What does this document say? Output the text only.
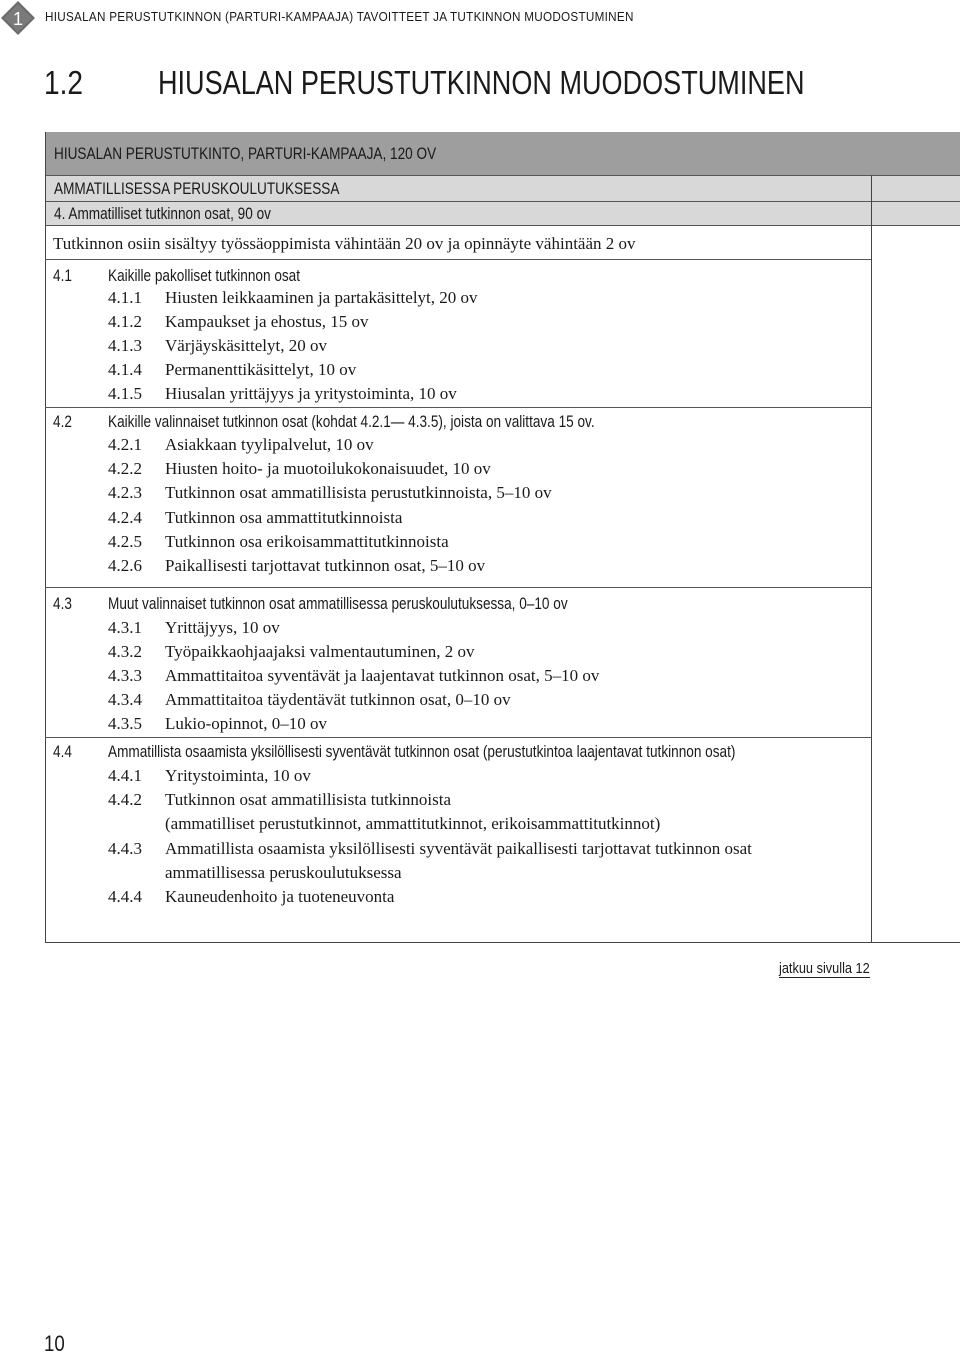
1 HIUSALAN PERUSTUTKINNON (PARTURI-KAMPAAJA) TAVOITTEET JA TUTKINNON MUODOSTUMINEN
1.2 HIUSALAN PERUSTUTKINNON MUODOSTUMINEN
HIUSALAN PERUSTUTKINTO, PARTURI-KAMPAAJA, 120 OV
AMMATILLISESSA PERUSKOULUTUKSESSA
4. Ammatilliset tutkinnon osat, 90 ov
Tutkinnon osiin sisältyy työssäoppimista vähintään 20 ov ja opinnäyte vähintään 2 ov
4.1 Kaikille pakolliset tutkinnon osat
4.1.1 Hiusten leikkaaminen ja partakäsittelyt, 20 ov
4.1.2 Kampaukset ja ehostus, 15 ov
4.1.3 Värjäyskäsittelyt, 20 ov
4.1.4 Permanenttikäsittelyt, 10 ov
4.1.5 Hiusalan yrittäjyys ja yritystoiminta, 10 ov
4.2 Kaikille valinnaiset tutkinnon osat (kohdat 4.2.1— 4.3.5), joista on valittava 15 ov.
4.2.1 Asiakkaan tyylipalvelut, 10 ov
4.2.2 Hiusten hoito- ja muotoilukokonaisuudet, 10 ov
4.2.3 Tutkinnon osat ammatillisista perustutkinnoista, 5–10 ov
4.2.4 Tutkinnon osa ammattitutkinnoista
4.2.5 Tutkinnon osa erikoisammattitutkinnoista
4.2.6 Paikallisesti tarjottavat tutkinnon osat, 5–10 ov
4.3 Muut valinnaiset tutkinnon osat ammatillisessa peruskoulutuksessa, 0–10 ov
4.3.1 Yrittäjyys, 10 ov
4.3.2 Työpaikkaohjaajaksi valmentautuminen, 2 ov
4.3.3 Ammattitaitoa syventävät ja laajentavat tutkinnon osat, 5–10 ov
4.3.4 Ammattitaitoa täydentävät tutkinnon osat, 0–10 ov
4.3.5 Lukio-opinnot, 0–10 ov
4.4 Ammatillista osaamista yksilöllisesti syventävät tutkinnon osat (perustutkintoa laajentavat tutkinnon osat)
4.4.1 Yritystoiminta, 10 ov
4.4.2 Tutkinnon osat ammatillisista tutkinnoista
(ammatilliset perustutkinnot, ammattitutkinnot, erikoisammattitutkinnot)
4.4.3 Ammatillista osaamista yksilöllisesti syventävät paikallisesti tarjottavat tutkinnon osat
ammatillisessa peruskoulutuksessa
4.4.4 Kauneudenhoito ja tuoteneuvonta
jatkuu sivulla 12
10
